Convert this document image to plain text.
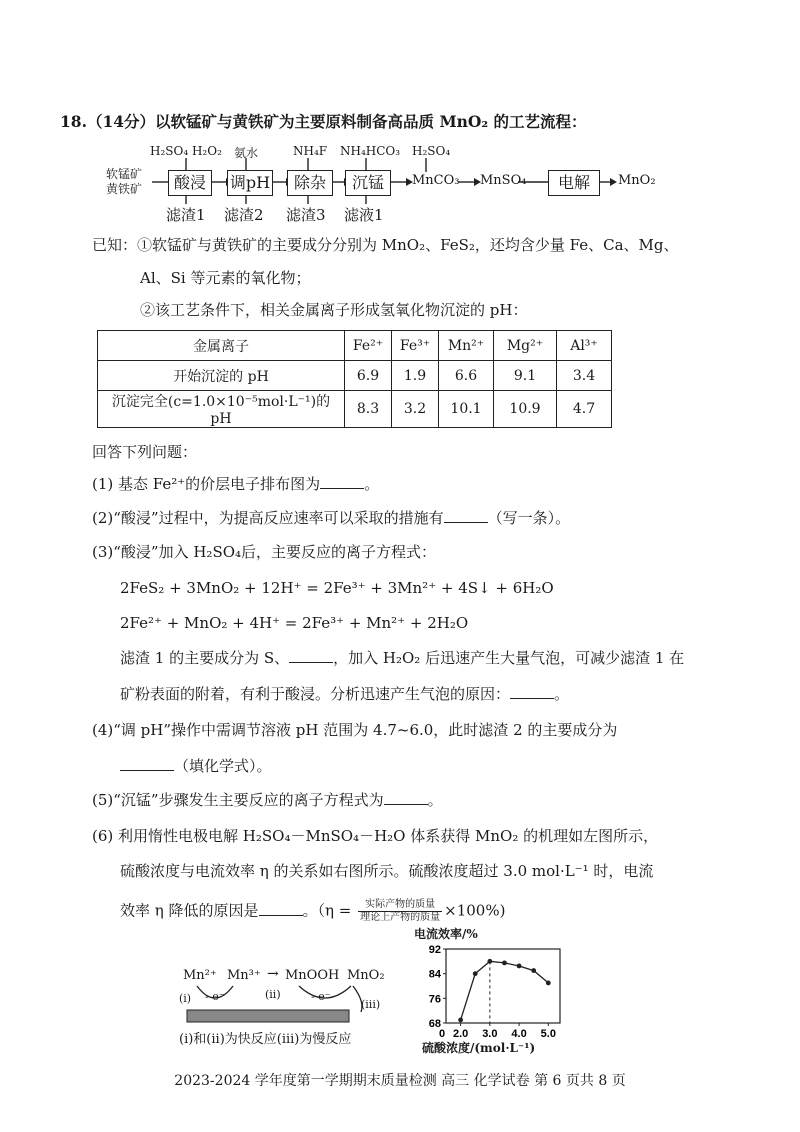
18.（14分）以软锰矿与黄铁矿为主要原料制备高品质 MnO₂ 的工艺流程：
软锰矿
黄铁矿
H₂SO₄ H₂O₂ 氨水	NH₄F NH₄HCO₃ H₂SO₄
酸浸	调pH	除杂	沉锰	MnCO₃ MnSO₄	电解	MnO₂
滤渣1 滤渣2 滤渣3 滤液1
已知：①软锰矿与黄铁矿的主要成分分别为 MnO₂、FeS₂，还均含少量 Fe、Ca、Mg、
Al、Si 等元素的氧化物；
②该工艺条件下，相关金属离子形成氢氧化物沉淀的 pH：
金属离子	Fe²⁺	Fe³⁺	Mn²⁺	Mg²⁺	Al³⁺
开始沉淀的 pH	6.9	1.9	6.6	9.1	3.4
沉淀完全(c=1.0×10⁻⁵mol·L⁻¹)的 pH	8.3	3.2	10.1	10.9	4.7
回答下列问题：
(1) 基态 Fe²⁺的价层电子排布图为	。
(2)“酸浸”过程中，为提高反应速率可以采取的措施有	（写一条）。
(3)“酸浸”加入 H₂SO₄后，主要反应的离子方程式：
2FeS₂ + 3MnO₂ + 12H⁺ = 2Fe³⁺ + 3Mn²⁺ + 4S↓ + 6H₂O
2Fe²⁺ + MnO₂ + 4H⁺ = 2Fe³⁺ + Mn²⁺ + 2H₂O
滤渣 1 的主要成分为 S、	，加入 H₂O₂ 后迅速产生大量气泡，可减少滤渣 1 在
矿粉表面的附着，有利于酸浸。分析迅速产生气泡的原因：	。
(4)“调 pH”操作中需调节溶液 pH 范围为 4.7~6.0，此时滤渣 2 的主要成分为
（填化学式）。
(5)“沉锰”步骤发生主要反应的离子方程式为	。
(6) 利用惰性电极电解 H₂SO₄－MnSO₄－H₂O 体系获得 MnO₂ 的机理如左图所示，
硫酸浓度与电流效率 η 的关系如右图所示。硫酸浓度超过 3.0 mol·L⁻¹ 时，电流
效率 η 降低的原因是	。（η =	实际产物的质量
理论上产物的质量 ×100%)
Mn²⁺ Mn³⁺ → MnOOH MnO₂
- e⁻	- e⁻
(i)	(ii)
(iii)
(i)和(ii)为快反应(iii)为慢反应
电流效率/%
68
76
84
92
0 2.0 3.0 4.0 5.0
硫酸浓度/(mol·L⁻¹)
2023-2024 学年度第一学期期末质量检测 高三 化学试卷 第 6 页共 8 页
